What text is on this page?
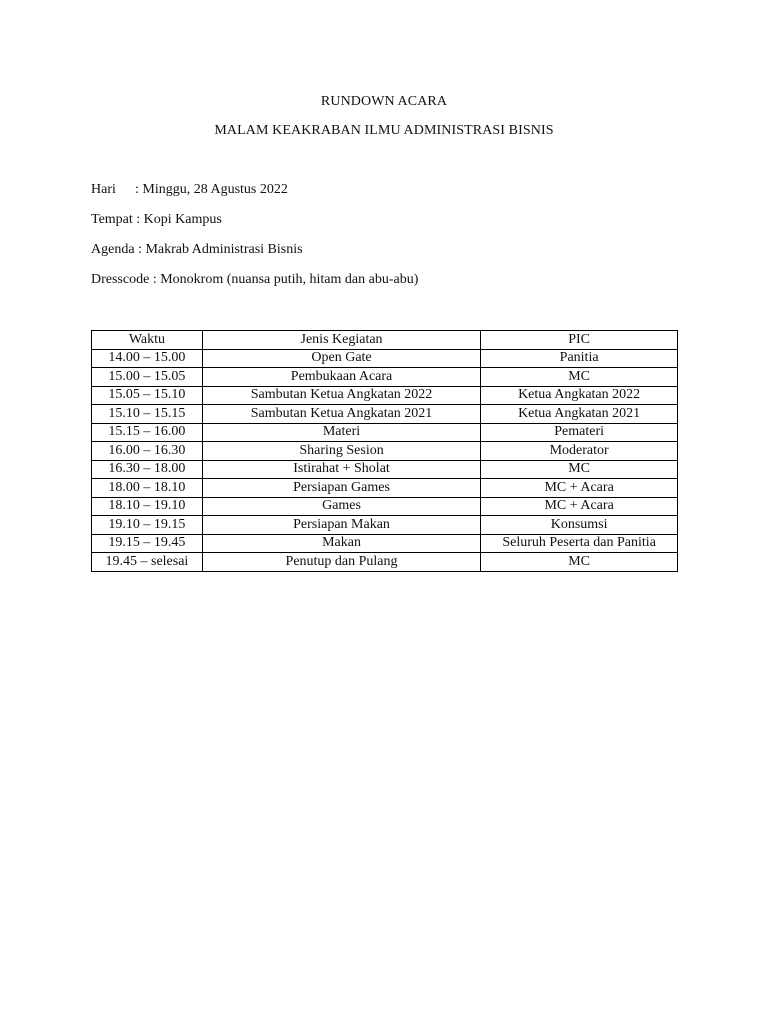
RUNDOWN ACARA
MALAM KEAKRABAN ILMU ADMINISTRASI BISNIS
Hari : Minggu, 28 Agustus 2022
Tempat : Kopi Kampus
Agenda : Makrab Administrasi Bisnis
Dresscode : Monokrom (nuansa putih, hitam dan abu-abu)
Waktu	Jenis Kegiatan	PIC
14.00 – 15.00	Open Gate	Panitia
15.00 – 15.05	Pembukaan Acara	MC
15.05 – 15.10	Sambutan Ketua Angkatan 2022	Ketua Angkatan 2022
15.10 – 15.15	Sambutan Ketua Angkatan 2021	Ketua Angkatan 2021
15.15 – 16.00	Materi	Pemateri
16.00 – 16.30	Sharing Sesion	Moderator
16.30 – 18.00	Istirahat + Sholat	MC
18.00 – 18.10	Persiapan Games	MC + Acara
18.10 – 19.10	Games	MC + Acara
19.10 – 19.15	Persiapan Makan	Konsumsi
19.15 – 19.45	Makan	Seluruh Peserta dan Panitia
19.45 – selesai	Penutup dan Pulang	MC
